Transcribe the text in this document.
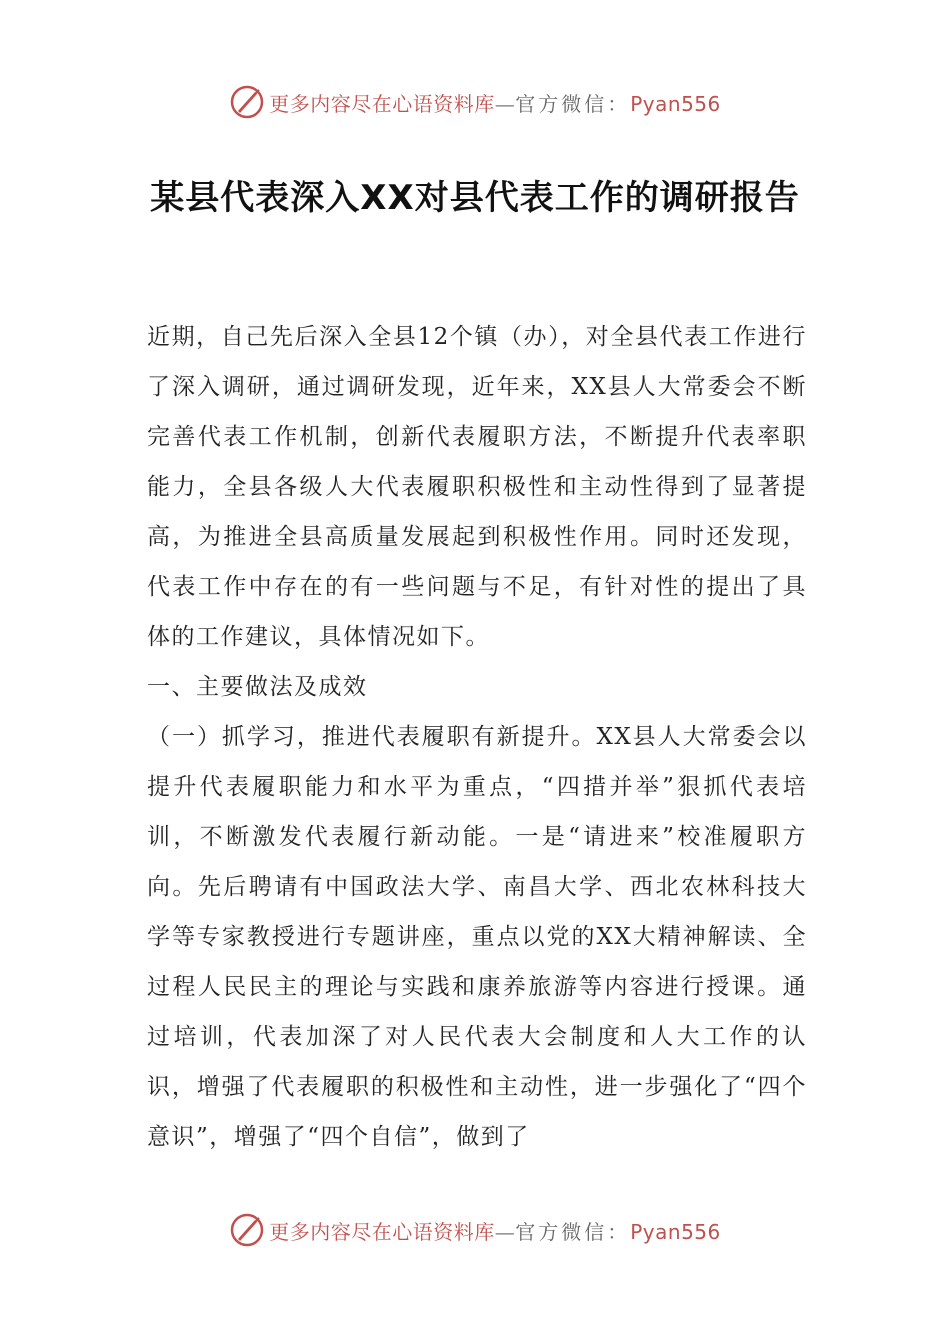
更多内容尽在心语资料库—官方微信：Pyan556
某县代表深入XX对县代表工作的调研报告

近期，自己先后深入全县12个镇（办），对全县代表工作进行了深入调研，通过调研发现，近年来，XX县人大常委会不断完善代表工作机制，创新代表履职方法，不断提升代表率职能力，全县各级人大代表履职积极性和主动性得到了显著提高，为推进全县高质量发展起到积极性作用。同时还发现，代表工作中存在的有一些问题与不足，有针对性的提出了具体的工作建议，具体情况如下。

一、主要做法及成效

（一）抓学习，推进代表履职有新提升。XX县人大常委会以提升代表履职能力和水平为重点，“四措并举”狠抓代表培训，不断激发代表履行新动能。一是“请进来”校准履职方向。先后聘请有中国政法大学、南昌大学、西北农林科技大学等专家教授进行专题讲座，重点以党的XX大精神解读、全过程人民民主的理论与实践和康养旅游等内容进行授课。通过培训，代表加深了对人民代表大会制度和人大工作的认识，增强了代表履职的积极性和主动性，进一步强化了“四个意识”，增强了“四个自信”，做到了

更多内容尽在心语资料库—官方微信：Pyan556
